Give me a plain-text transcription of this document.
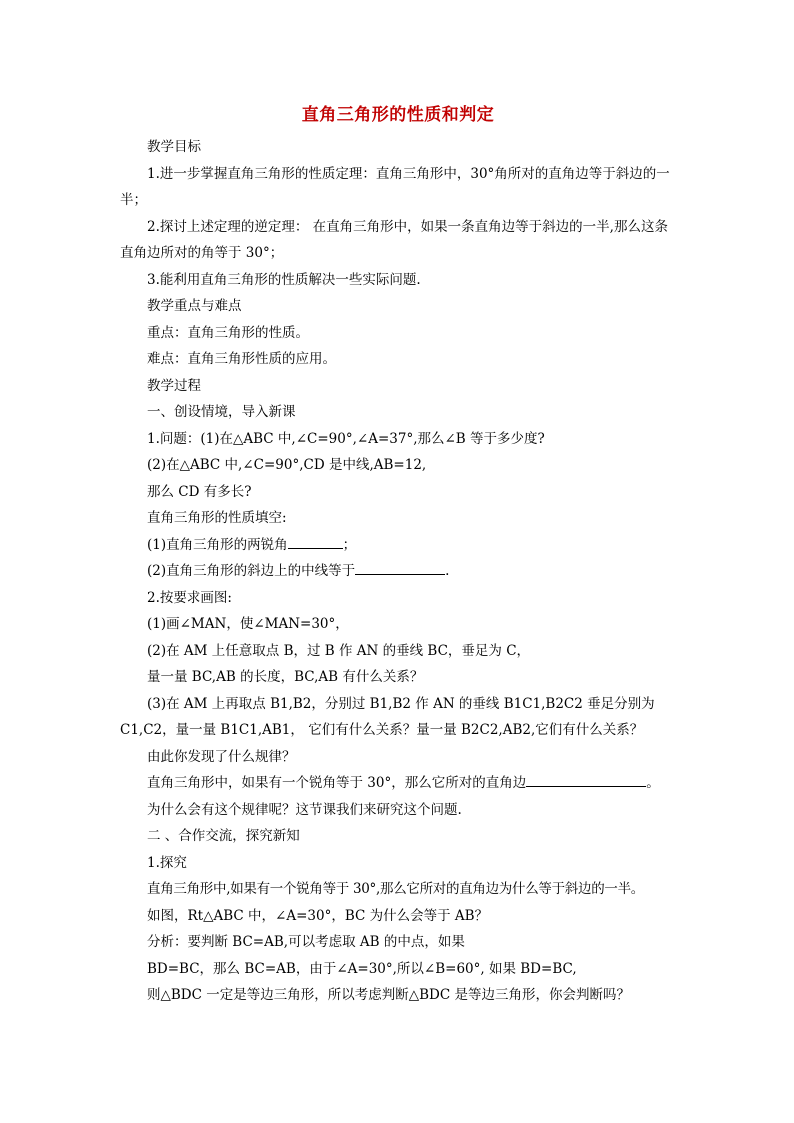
直角三角形的性质和判定

教学目标

1.进一步掌握直角三角形的性质定理：直角三角形中，30°角所对的直角边等于斜边的一半；

2.探讨上述定理的逆定理： 在直角三角形中，如果一条直角边等于斜边的一半,那么这条直角边所对的角等于 30°；

3.能利用直角三角形的性质解决一些实际问题.

教学重点与难点

重点：直角三角形的性质。

难点：直角三角形性质的应用。

教学过程

一、创设情境，导入新课

1.问题：(1)在△ABC 中,∠C=90°,∠A=37°,那么∠B 等于多少度?

(2)在△ABC 中,∠C=90°,CD 是中线,AB=12,

那么 CD 有多长?

直角三角形的性质填空:

(1)直角三角形的两锐角	；

(2)直角三角形的斜边上的中线等于	.

2.按要求画图:

(1)画∠MAN，使∠MAN=30°，

(2)在 AM 上任意取点 B，过 B 作 AN 的垂线 BC，垂足为 C，

量一量 BC,AB 的长度，BC,AB 有什么关系？

(3)在 AM 上再取点 B1,B2，分别过 B1,B2 作 AN 的垂线 B1C1,B2C2 垂足分别为 C1,C2，量一量 B1C1,AB1， 它们有什么关系？量一量 B2C2,AB2,它们有什么关系？

由此你发现了什么规律？

直角三角形中，如果有一个锐角等于 30°，那么它所对的直角边	。

为什么会有这个规律呢？这节课我们来研究这个问题.

二 、合作交流，探究新知

1.探究

直角三角形中,如果有一个锐角等于 30°,那么它所对的直角边为什么等于斜边的一半。

如图，Rt△ABC 中，∠A=30°，BC 为什么会等于 AB？

分析：要判断 BC=AB,可以考虑取 AB 的中点，如果

BD=BC，那么 BC=AB，由于∠A=30°,所以∠B=60°, 如果 BD=BC,

则△BDC 一定是等边三角形，所以考虑判断△BDC 是等边三角形，你会判断吗？
